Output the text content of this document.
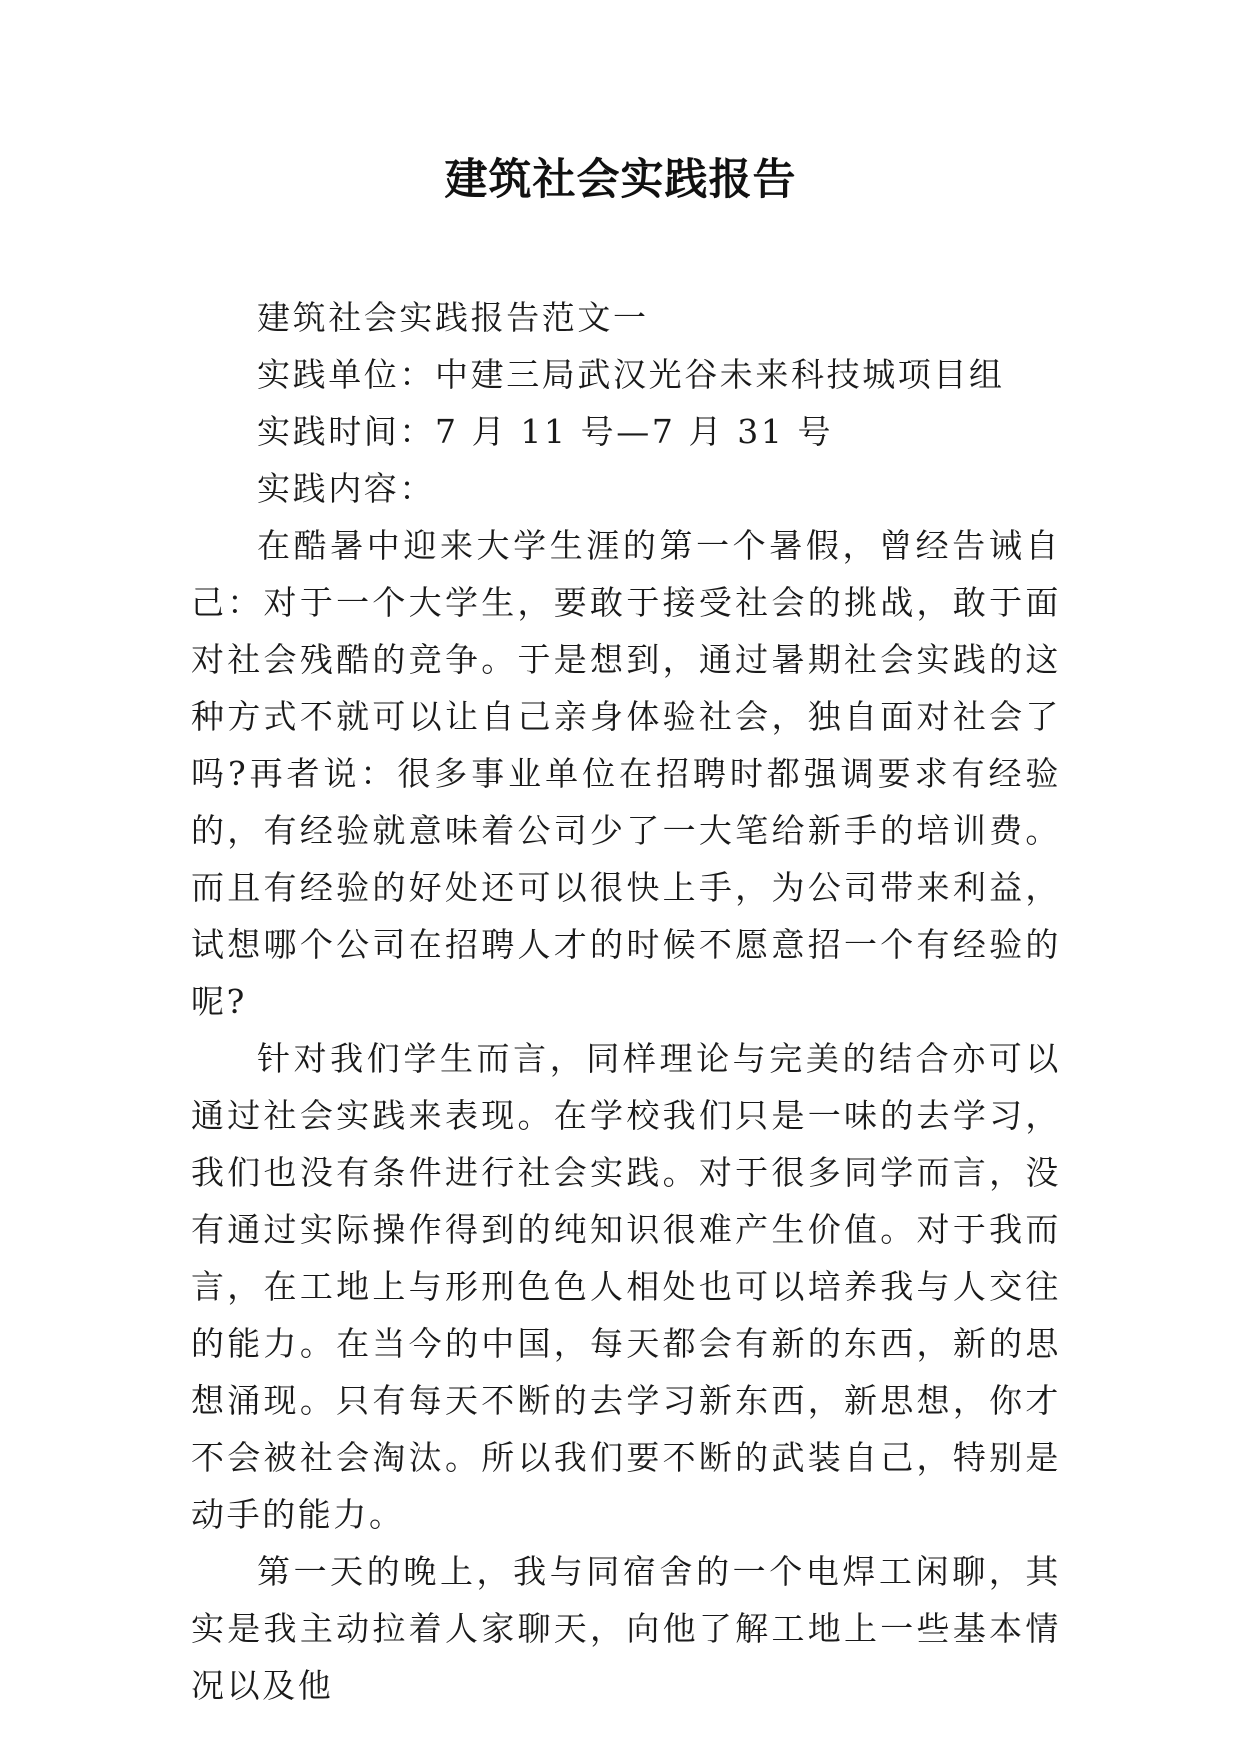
建筑社会实践报告

建筑社会实践报告范文一

实践单位：中建三局武汉光谷未来科技城项目组

实践时间：7 月 11 号—7 月 31 号

实践内容：

在酷暑中迎来大学生涯的第一个暑假，曾经告诫自己：对于一个大学生，要敢于接受社会的挑战，敢于面对社会残酷的竞争。于是想到，通过暑期社会实践的这种方式不就可以让自己亲身体验社会，独自面对社会了吗?再者说：很多事业单位在招聘时都强调要求有经验的，有经验就意味着公司少了一大笔给新手的培训费。而且有经验的好处还可以很快上手，为公司带来利益，试想哪个公司在招聘人才的时候不愿意招一个有经验的呢?

针对我们学生而言，同样理论与完美的结合亦可以通过社会实践来表现。在学校我们只是一味的去学习，我们也没有条件进行社会实践。对于很多同学而言，没有通过实际操作得到的纯知识很难产生价值。对于我而言，在工地上与形刑色色人相处也可以培养我与人交往的能力。在当今的中国，每天都会有新的东西，新的思想涌现。只有每天不断的去学习新东西，新思想，你才不会被社会淘汰。所以我们要不断的武装自己，特别是动手的能力。

第一天的晚上，我与同宿舍的一个电焊工闲聊，其实是我主动拉着人家聊天，向他了解工地上一些基本情况以及他
